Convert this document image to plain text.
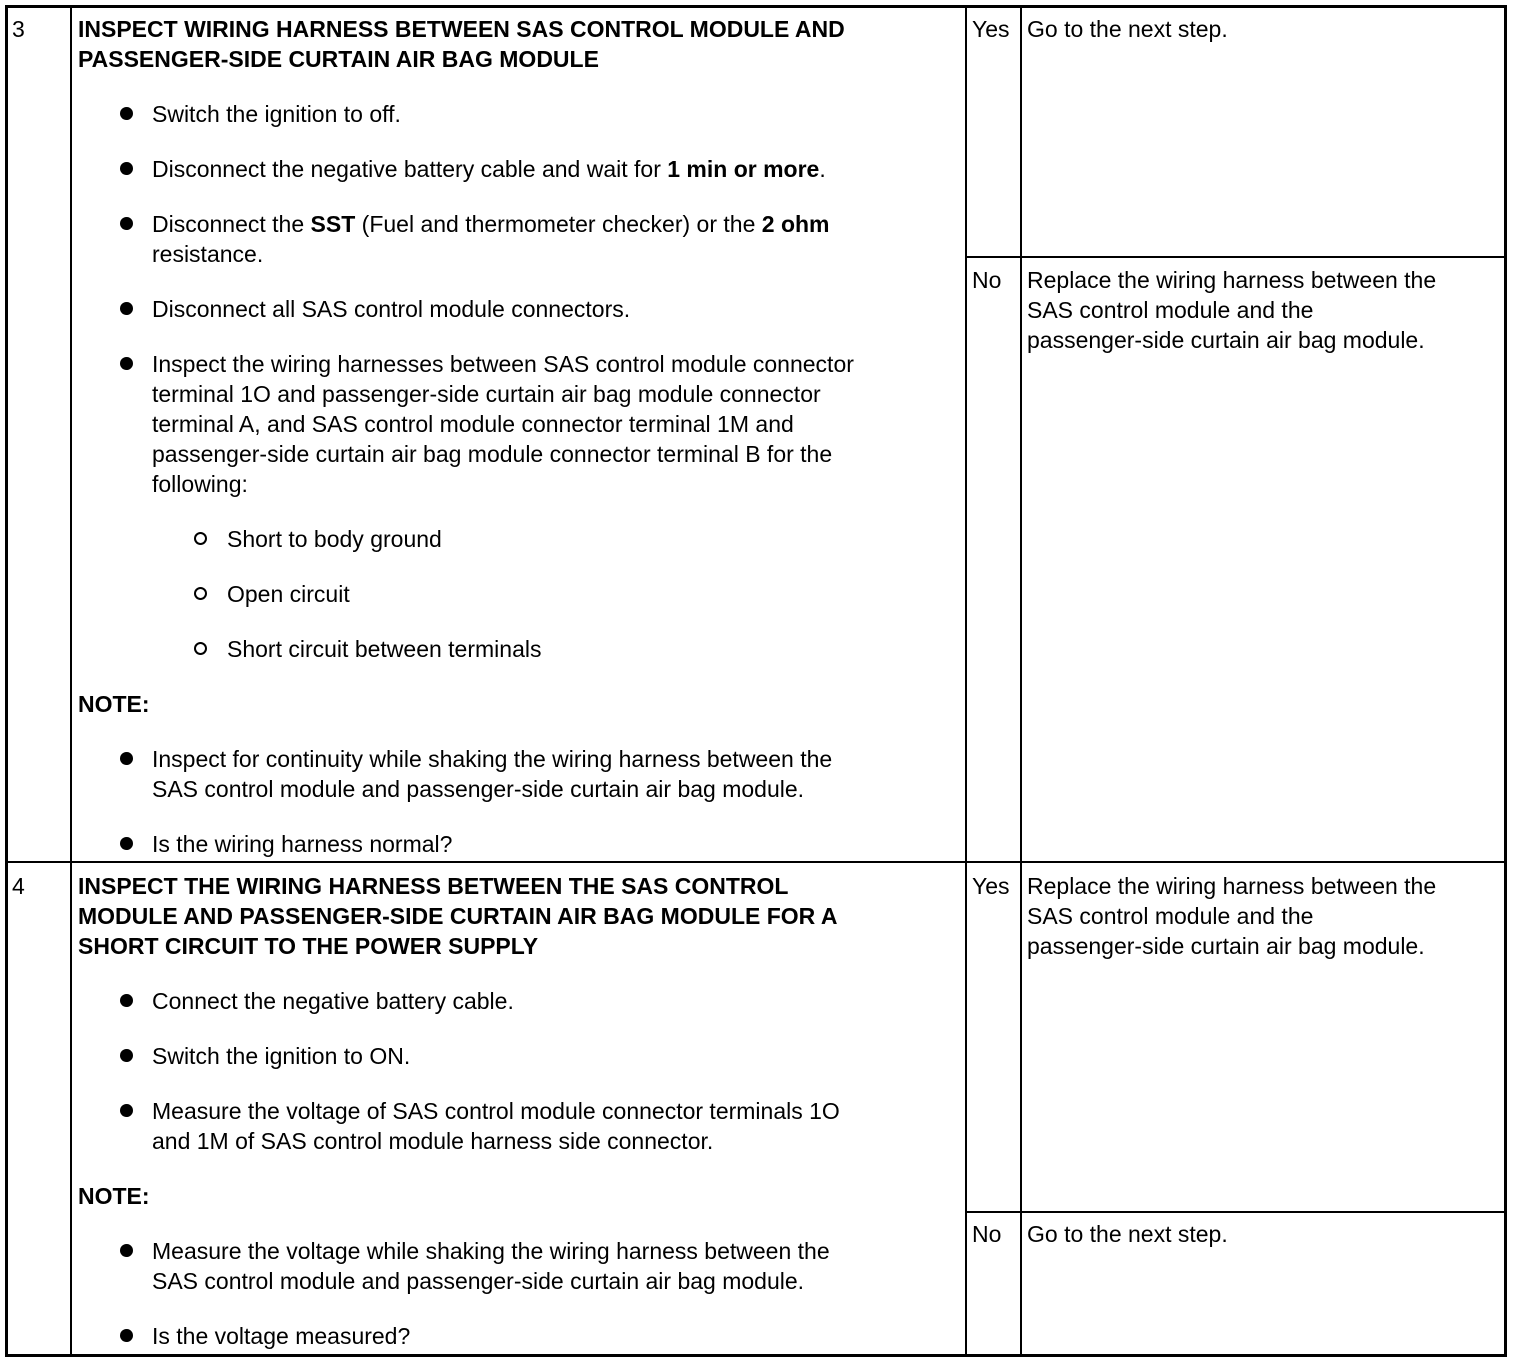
3 INSPECT WIRING HARNESS BETWEEN SAS CONTROL MODULE AND
PASSENGER-SIDE CURTAIN AIR BAG MODULE
Switch the ignition to off.
Disconnect the negative battery cable and wait for 1 min or more.
Disconnect the SST (Fuel and thermometer checker) or the 2 ohm
resistance.
Disconnect all SAS control module connectors.
Inspect the wiring harnesses between SAS control module connector
terminal 1O and passenger-side curtain air bag module connector
terminal A, and SAS control module connector terminal 1M and
passenger-side curtain air bag module connector terminal B for the
following:
Short to body ground
Open circuit
Short circuit between terminals
NOTE:
Inspect for continuity while shaking the wiring harness between the
SAS control module and passenger-side curtain air bag module.
Is the wiring harness normal?
Yes Go to the next step.
No Replace the wiring harness between the
SAS control module and the
passenger-side curtain air bag module.
4 INSPECT THE WIRING HARNESS BETWEEN THE SAS CONTROL
MODULE AND PASSENGER-SIDE CURTAIN AIR BAG MODULE FOR A
SHORT CIRCUIT TO THE POWER SUPPLY
Connect the negative battery cable.
Switch the ignition to ON.
Measure the voltage of SAS control module connector terminals 1O
and 1M of SAS control module harness side connector.
NOTE:
Measure the voltage while shaking the wiring harness between the
SAS control module and passenger-side curtain air bag module.
Is the voltage measured?
Yes Replace the wiring harness between the
SAS control module and the
passenger-side curtain air bag module.
No Go to the next step.
